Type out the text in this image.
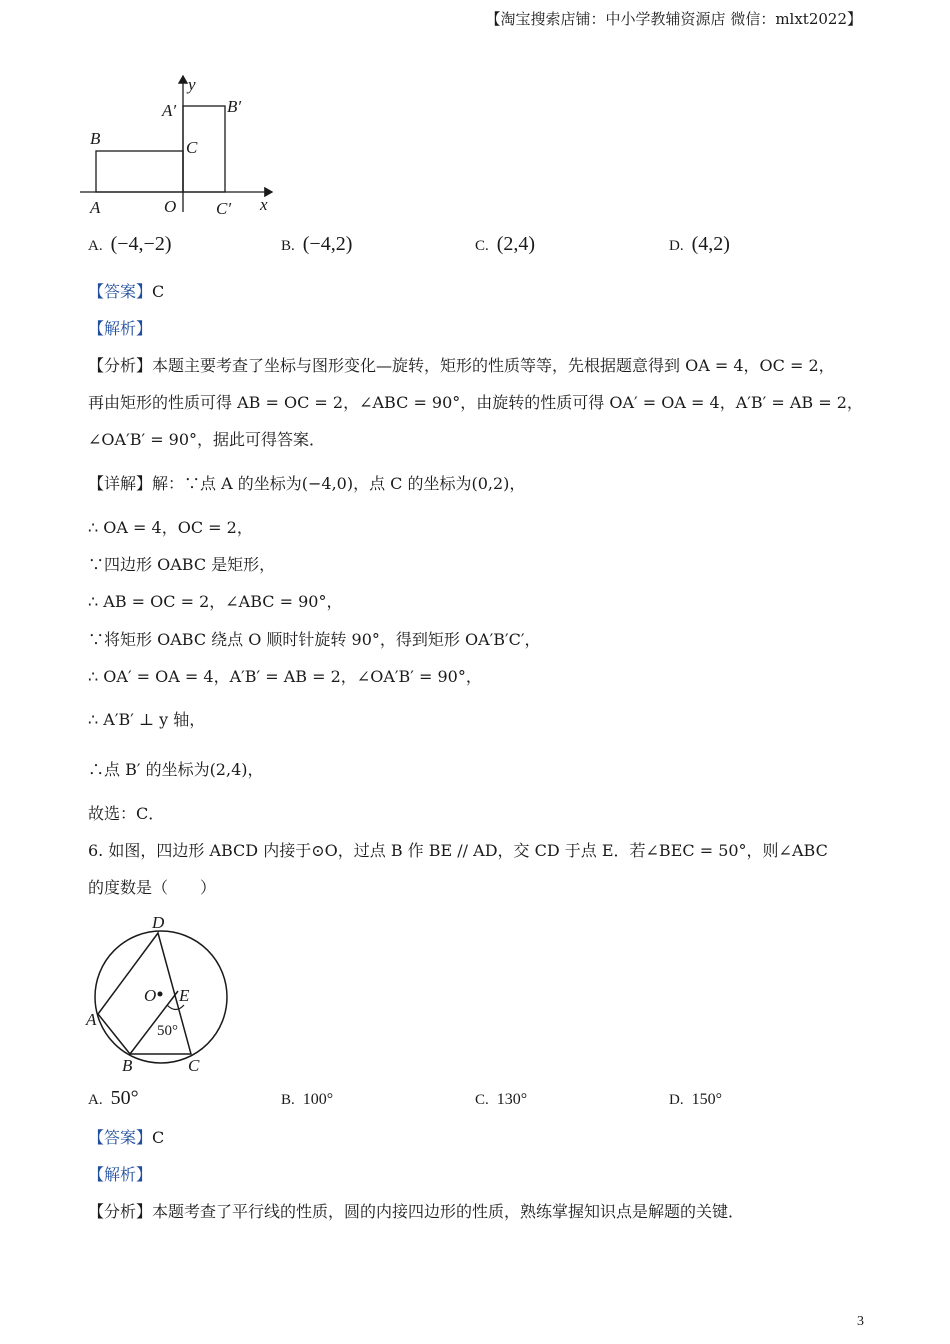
【淘宝搜索店铺：中小学教辅资源店 微信：mlxt2022】
y
x
A′	B′
B	C
A	O C′
A. (−4,−2)	B. (−4,2)	C. (2,4)	D. (4,2)
【答案】C
【解析】
【分析】本题主要考查了坐标与图形变化—旋转，矩形的性质等等，先根据题意得到 OA = 4，OC = 2，
再由矩形的性质可得 AB = OC = 2，∠ABC = 90°，由旋转的性质可得 OA′ = OA = 4，A′B′ = AB = 2，
∠OA′B′ = 90°，据此可得答案．
【详解】解：∵点 A 的坐标为(−4,0)，点 C 的坐标为(0,2)，
∴ OA = 4，OC = 2，
∵四边形 OABC 是矩形，
∴ AB = OC = 2，∠ABC = 90°，
∵将矩形 OABC 绕点 O 顺时针旋转 90°，得到矩形 OA′B′C′，
∴ OA′ = OA = 4，A′B′ = AB = 2，∠OA′B′ = 90°，
∴ A′B′ ⊥ y 轴，
∴点 B′ 的坐标为(2,4)，
故选：C．
6. 如图，四边形 ABCD 内接于⊙O，过点 B 作 BE // AD，交 CD 于点 E．若∠BEC = 50°，则∠ABC
的度数是（　　）
D
O E
A
50°
B	C
A. 50°	B. 100°	C. 130°	D. 150°
【答案】C
【解析】
【分析】本题考查了平行线的性质，圆的内接四边形的性质，熟练掌握知识点是解题的关键．
3
